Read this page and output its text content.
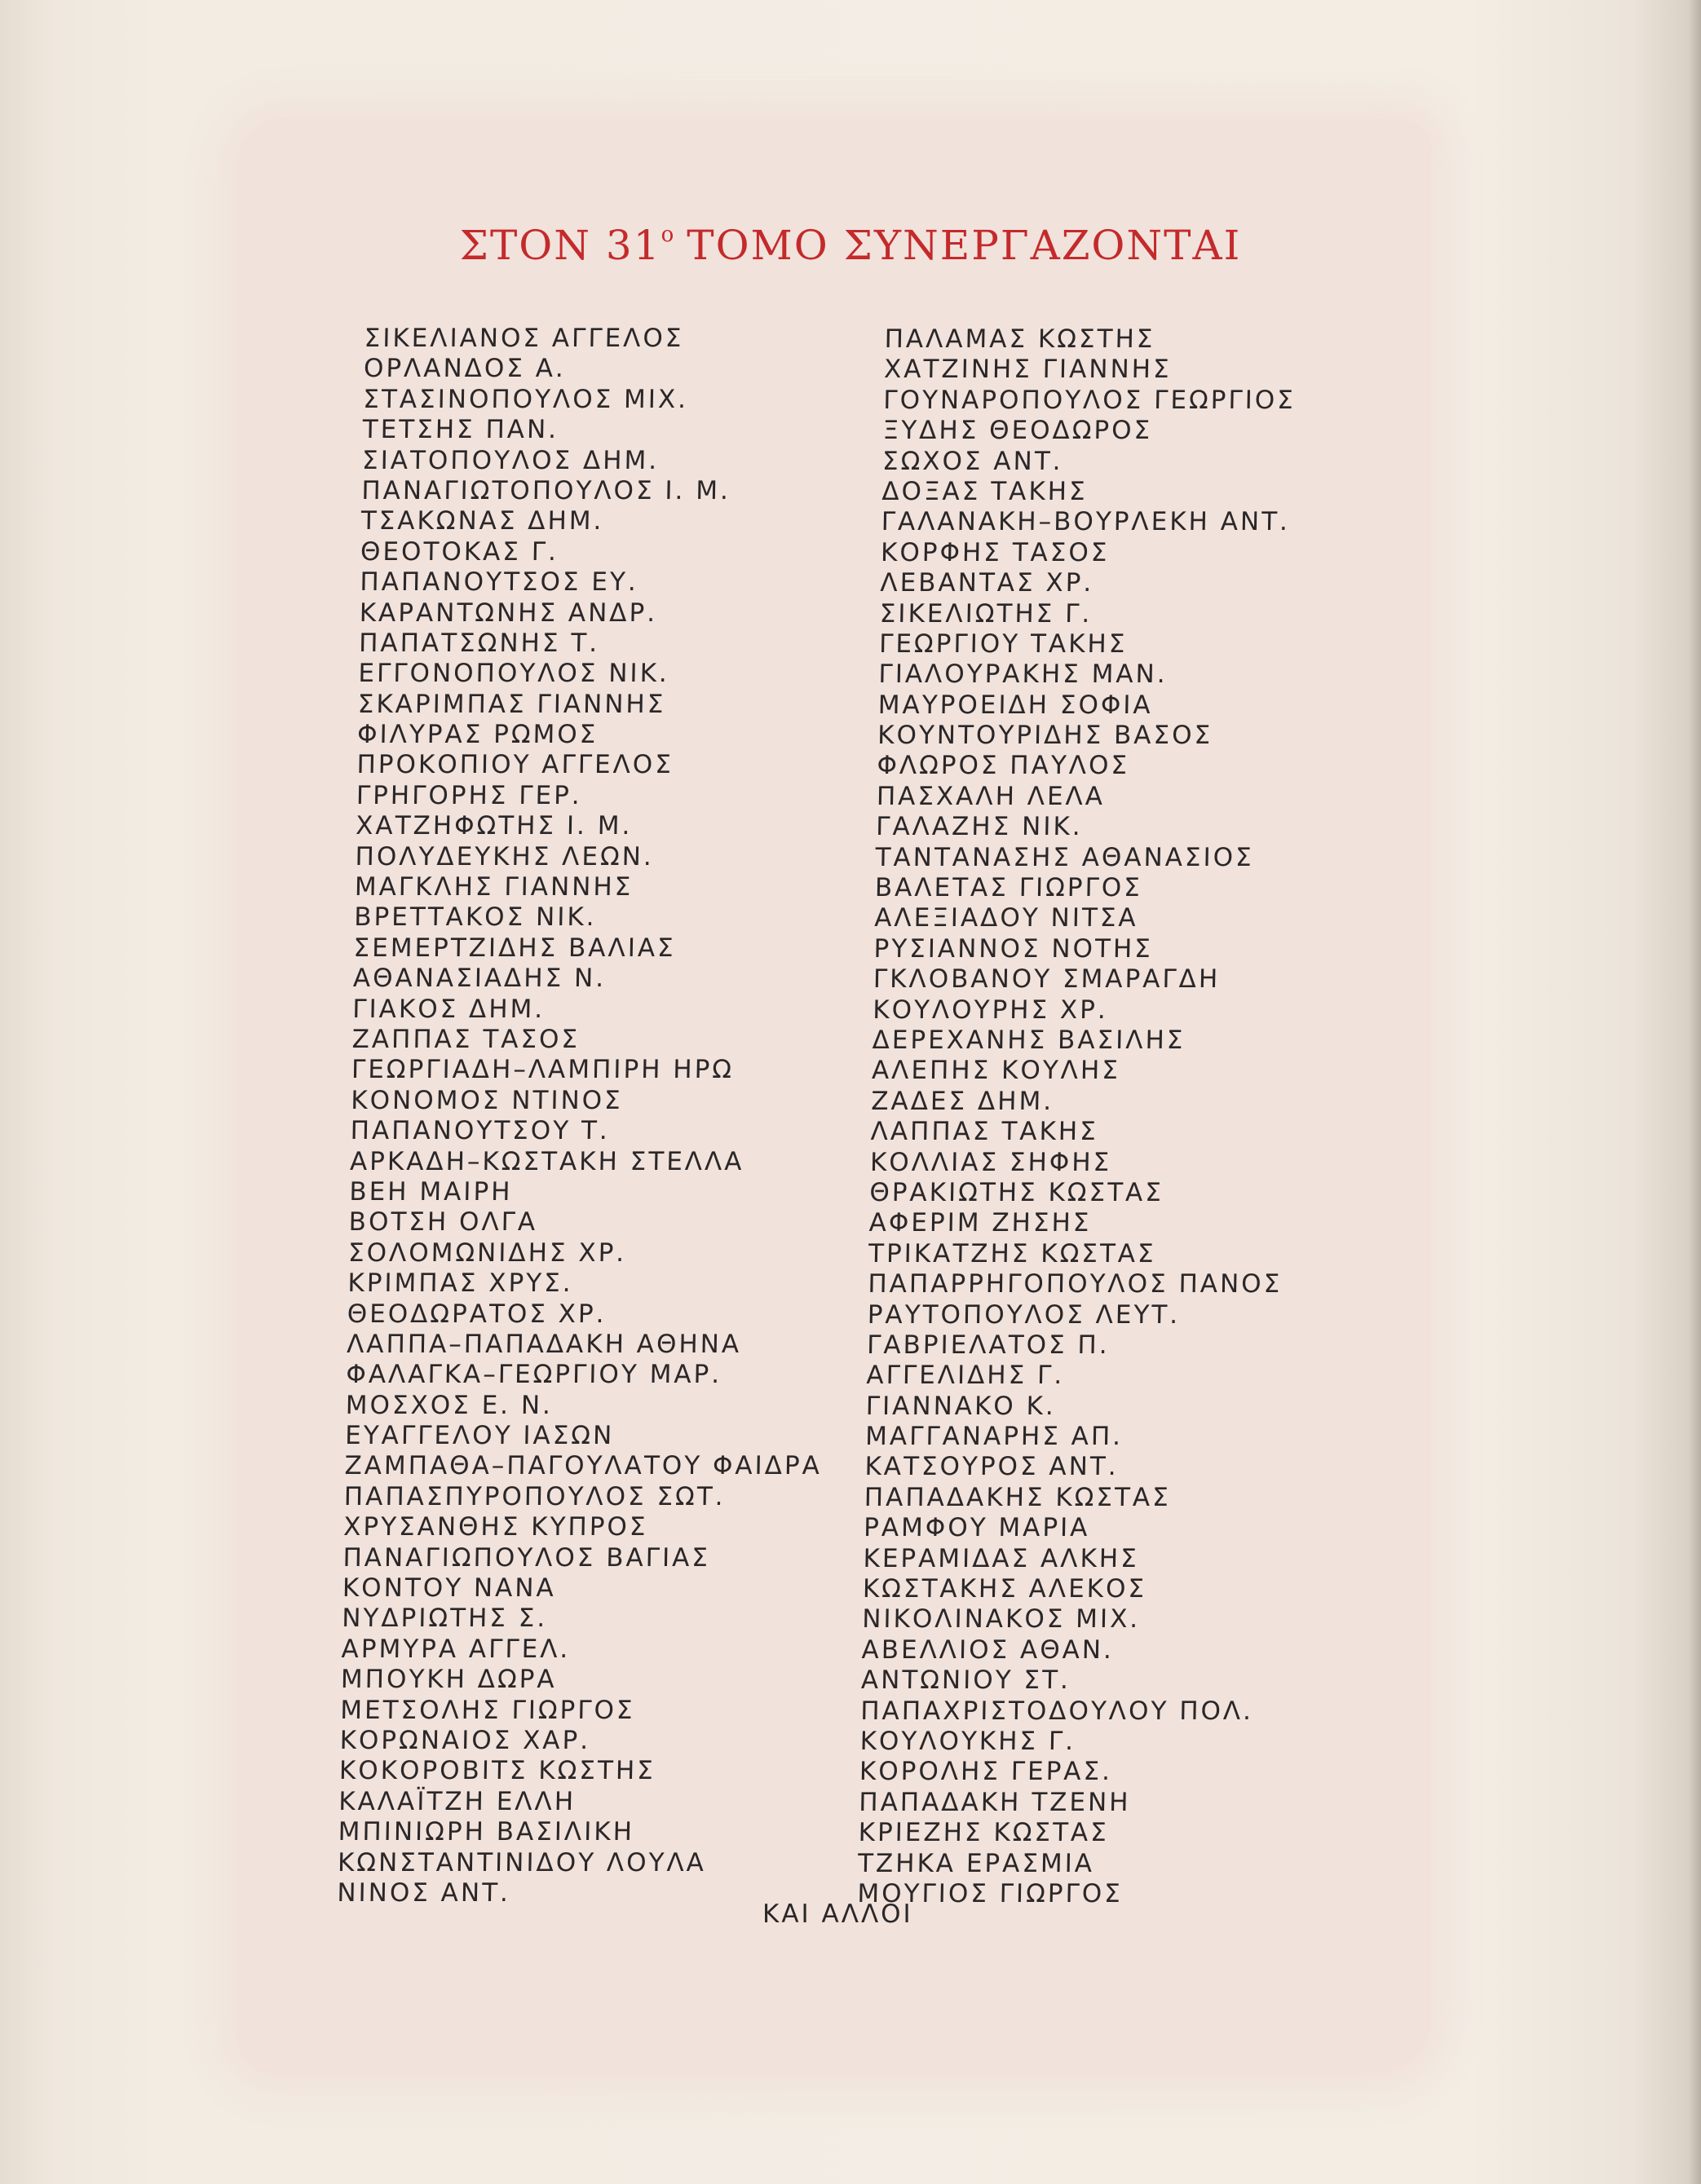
ΣΤΟΝ $31^o$ ΤΟΜΟ ΣΥΝΕΡΓΑΖΟΝΤΑΙ
ΣΙΚΕΛΙΑΝΟΣ ΑΓΓΕΛΟΣ
ΟΡΛΑΝΔΟΣ Α.
ΣΤΑΣΙΝΟΠΟΥΛΟΣ ΜΙΧ.
ΤΕΤΣΗΣ ΠΑΝ.
ΣΙΑΤΟΠΟΥΛΟΣ ΔΗΜ.
ΠΑΝΑΓΙΩΤΟΠΟΥΛΟΣ Ι. Μ.
ΤΣΑΚΩΝΑΣ ΔΗΜ.
ΘΕΟΤΟΚΑΣ Γ.
ΠΑΠΑΝΟΥΤΣΟΣ ΕΥ.
ΚΑΡΑΝΤΩΝΗΣ ΑΝΔΡ.
ΠΑΠΑΤΣΩΝΗΣ Τ.
ΕΓΓΟΝΟΠΟΥΛΟΣ ΝΙΚ.
ΣΚΑΡΙΜΠΑΣ ΓΙΑΝΝΗΣ
ΦΙΛΥΡΑΣ ΡΩΜΟΣ
ΠΡΟΚΟΠΙΟΥ ΑΓΓΕΛΟΣ
ΓΡΗΓΟΡΗΣ ΓΕΡ.
ΧΑΤΖΗΦΩΤΗΣ Ι. Μ.
ΠΟΛΥΔΕΥΚΗΣ ΛΕΩΝ.
ΜΑΓΚΛΗΣ ΓΙΑΝΝΗΣ
ΒΡΕΤΤΑΚΟΣ ΝΙΚ.
ΣΕΜΕΡΤΖΙΔΗΣ ΒΑΛΙΑΣ
ΑΘΑΝΑΣΙΑΔΗΣ Ν.
ΓΙΑΚΟΣ ΔΗΜ.
ΖΑΠΠΑΣ ΤΑΣΟΣ
ΓΕΩΡΓΙΑΔΗ–ΛΑΜΠΙΡΗ ΗΡΩ
ΚΟΝΟΜΟΣ ΝΤΙΝΟΣ
ΠΑΠΑΝΟΥΤΣΟΥ Τ.
ΑΡΚΑΔΗ–ΚΩΣΤΑΚΗ ΣΤΕΛΛΑ
ΒΕΗ ΜΑΙΡΗ
ΒΟΤΣΗ ΟΛΓΑ
ΣΟΛΟΜΩΝΙΔΗΣ ΧΡ.
ΚΡΙΜΠΑΣ ΧΡΥΣ.
ΘΕΟΔΩΡΑΤΟΣ ΧΡ.
ΛΑΠΠΑ–ΠΑΠΑΔΑΚΗ ΑΘΗΝΑ
ΦΑΛΑΓΚΑ–ΓΕΩΡΓΙΟΥ ΜΑΡ.
ΜΟΣΧΟΣ Ε. Ν.
ΕΥΑΓΓΕΛΟΥ ΙΑΣΩΝ
ΖΑΜΠΑΘΑ–ΠΑΓΟΥΛΑΤΟΥ ΦΑΙΔΡΑ
ΠΑΠΑΣΠΥΡΟΠΟΥΛΟΣ ΣΩΤ.
ΧΡΥΣΑΝΘΗΣ ΚΥΠΡΟΣ
ΠΑΝΑΓΙΩΠΟΥΛΟΣ ΒΑΓΙΑΣ
ΚΟΝΤΟΥ ΝΑΝΑ
ΝΥΔΡΙΩΤΗΣ Σ.
ΑΡΜΥΡΑ ΑΓΓΕΛ.
ΜΠΟΥΚΗ ΔΩΡΑ
ΜΕΤΣΟΛΗΣ ΓΙΩΡΓΟΣ
ΚΟΡΩΝΑΙΟΣ ΧΑΡ.
ΚΟΚΟΡΟΒΙΤΣ ΚΩΣΤΗΣ
ΚΑΛΑΪΤΖΗ ΕΛΛΗ
ΜΠΙΝΙΩΡΗ ΒΑΣΙΛΙΚΗ
ΚΩΝΣΤΑΝΤΙΝΙΔΟΥ ΛΟΥΛΑ
ΝΙΝΟΣ ΑΝΤ.
ΠΑΛΑΜΑΣ ΚΩΣΤΗΣ
ΧΑΤΖΙΝΗΣ ΓΙΑΝΝΗΣ
ΓΟΥΝΑΡΟΠΟΥΛΟΣ ΓΕΩΡΓΙΟΣ
ΞΥΔΗΣ ΘΕΟΔΩΡΟΣ
ΣΩΧΟΣ ΑΝΤ.
ΔΟΞΑΣ ΤΑΚΗΣ
ΓΑΛΑΝΑΚΗ–ΒΟΥΡΛΕΚΗ ΑΝΤ.
ΚΟΡΦΗΣ ΤΑΣΟΣ
ΛΕΒΑΝΤΑΣ ΧΡ.
ΣΙΚΕΛΙΩΤΗΣ Γ.
ΓΕΩΡΓΙΟΥ ΤΑΚΗΣ
ΓΙΑΛΟΥΡΑΚΗΣ ΜΑΝ.
ΜΑΥΡΟΕΙΔΗ ΣΟΦΙΑ
ΚΟΥΝΤΟΥΡΙΔΗΣ ΒΑΣΟΣ
ΦΛΩΡΟΣ ΠΑΥΛΟΣ
ΠΑΣΧΑΛΗ ΛΕΛΑ
ΓΑΛΑΖΗΣ ΝΙΚ.
ΤΑΝΤΑΝΑΣΗΣ ΑΘΑΝΑΣΙΟΣ
ΒΑΛΕΤΑΣ ΓΙΩΡΓΟΣ
ΑΛΕΞΙΑΔΟΥ ΝΙΤΣΑ
ΡΥΣΙΑΝΝΟΣ ΝΟΤΗΣ
ΓΚΛΟΒΑΝΟΥ ΣΜΑΡΑΓΔΗ
ΚΟΥΛΟΥΡΗΣ ΧΡ.
ΔΕΡΕΧΑΝΗΣ ΒΑΣΙΛΗΣ
ΑΛΕΠΗΣ ΚΟΥΛΗΣ
ΖΑΔΕΣ ΔΗΜ.
ΛΑΠΠΑΣ ΤΑΚΗΣ
ΚΟΛΛΙΑΣ ΣΗΦΗΣ
ΘΡΑΚΙΩΤΗΣ ΚΩΣΤΑΣ
ΑΦΕΡΙΜ ΖΗΣΗΣ
ΤΡΙΚΑΤΖΗΣ ΚΩΣΤΑΣ
ΠΑΠΑΡΡΗΓΟΠΟΥΛΟΣ ΠΑΝΟΣ
ΡΑΥΤΟΠΟΥΛΟΣ ΛΕΥΤ.
ΓΑΒΡΙΕΛΑΤΟΣ Π.
ΑΓΓΕΛΙΔΗΣ Γ.
ΓΙΑΝΝΑΚΟ Κ.
ΜΑΓΓΑΝΑΡΗΣ ΑΠ.
ΚΑΤΣΟΥΡΟΣ ΑΝΤ.
ΠΑΠΑΔΑΚΗΣ ΚΩΣΤΑΣ
ΡΑΜΦΟΥ ΜΑΡΙΑ
ΚΕΡΑΜΙΔΑΣ ΑΛΚΗΣ
ΚΩΣΤΑΚΗΣ ΑΛΕΚΟΣ
ΝΙΚΟΛΙΝΑΚΟΣ ΜΙΧ.
ΑΒΕΛΛΙΟΣ ΑΘΑΝ.
ΑΝΤΩΝΙΟΥ ΣΤ.
ΠΑΠΑΧΡΙΣΤΟΔΟΥΛΟΥ ΠΟΛ.
ΚΟΥΛΟΥΚΗΣ Γ.
ΚΟΡΟΛΗΣ ΓΕΡΑΣ.
ΠΑΠΑΔΑΚΗ ΤΖΕΝΗ
ΚΡΙΕΖΗΣ ΚΩΣΤΑΣ
ΤΖΗΚΑ ΕΡΑΣΜΙΑ
ΜΟΥΓΙΟΣ ΓΙΩΡΓΟΣ

ΚΑΙ ΑΛΛΟΙ
